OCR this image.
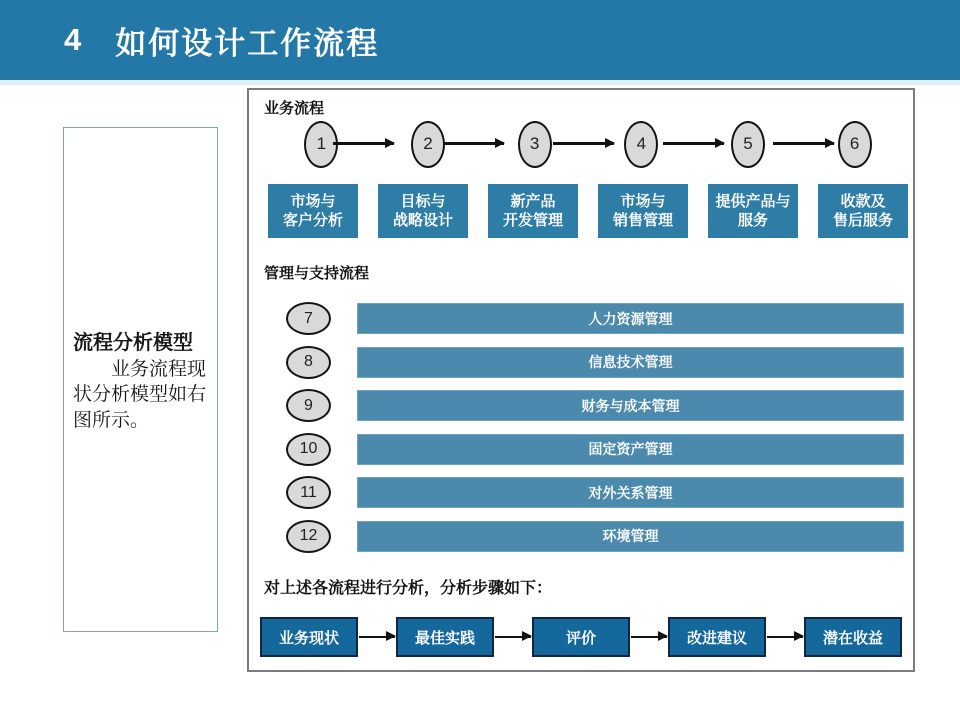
4 如何设计工作流程
流程分析模型
业务流程现状分析模型如右图所示。
业务流程
1	2	3	4	5	6
市场与
客户分析
目标与
战略设计
新产品
开发管理
市场与
销售管理
提供产品与
服务
收款及
售后服务
管理与支持流程
7	人力资源管理
8	信息技术管理
9	财务与成本管理
10	固定资产管理
11	对外关系管理
12	环境管理
对上述各流程进行分析，分析步骤如下：
业务现状	最佳实践	评价	改进建议	潜在收益
